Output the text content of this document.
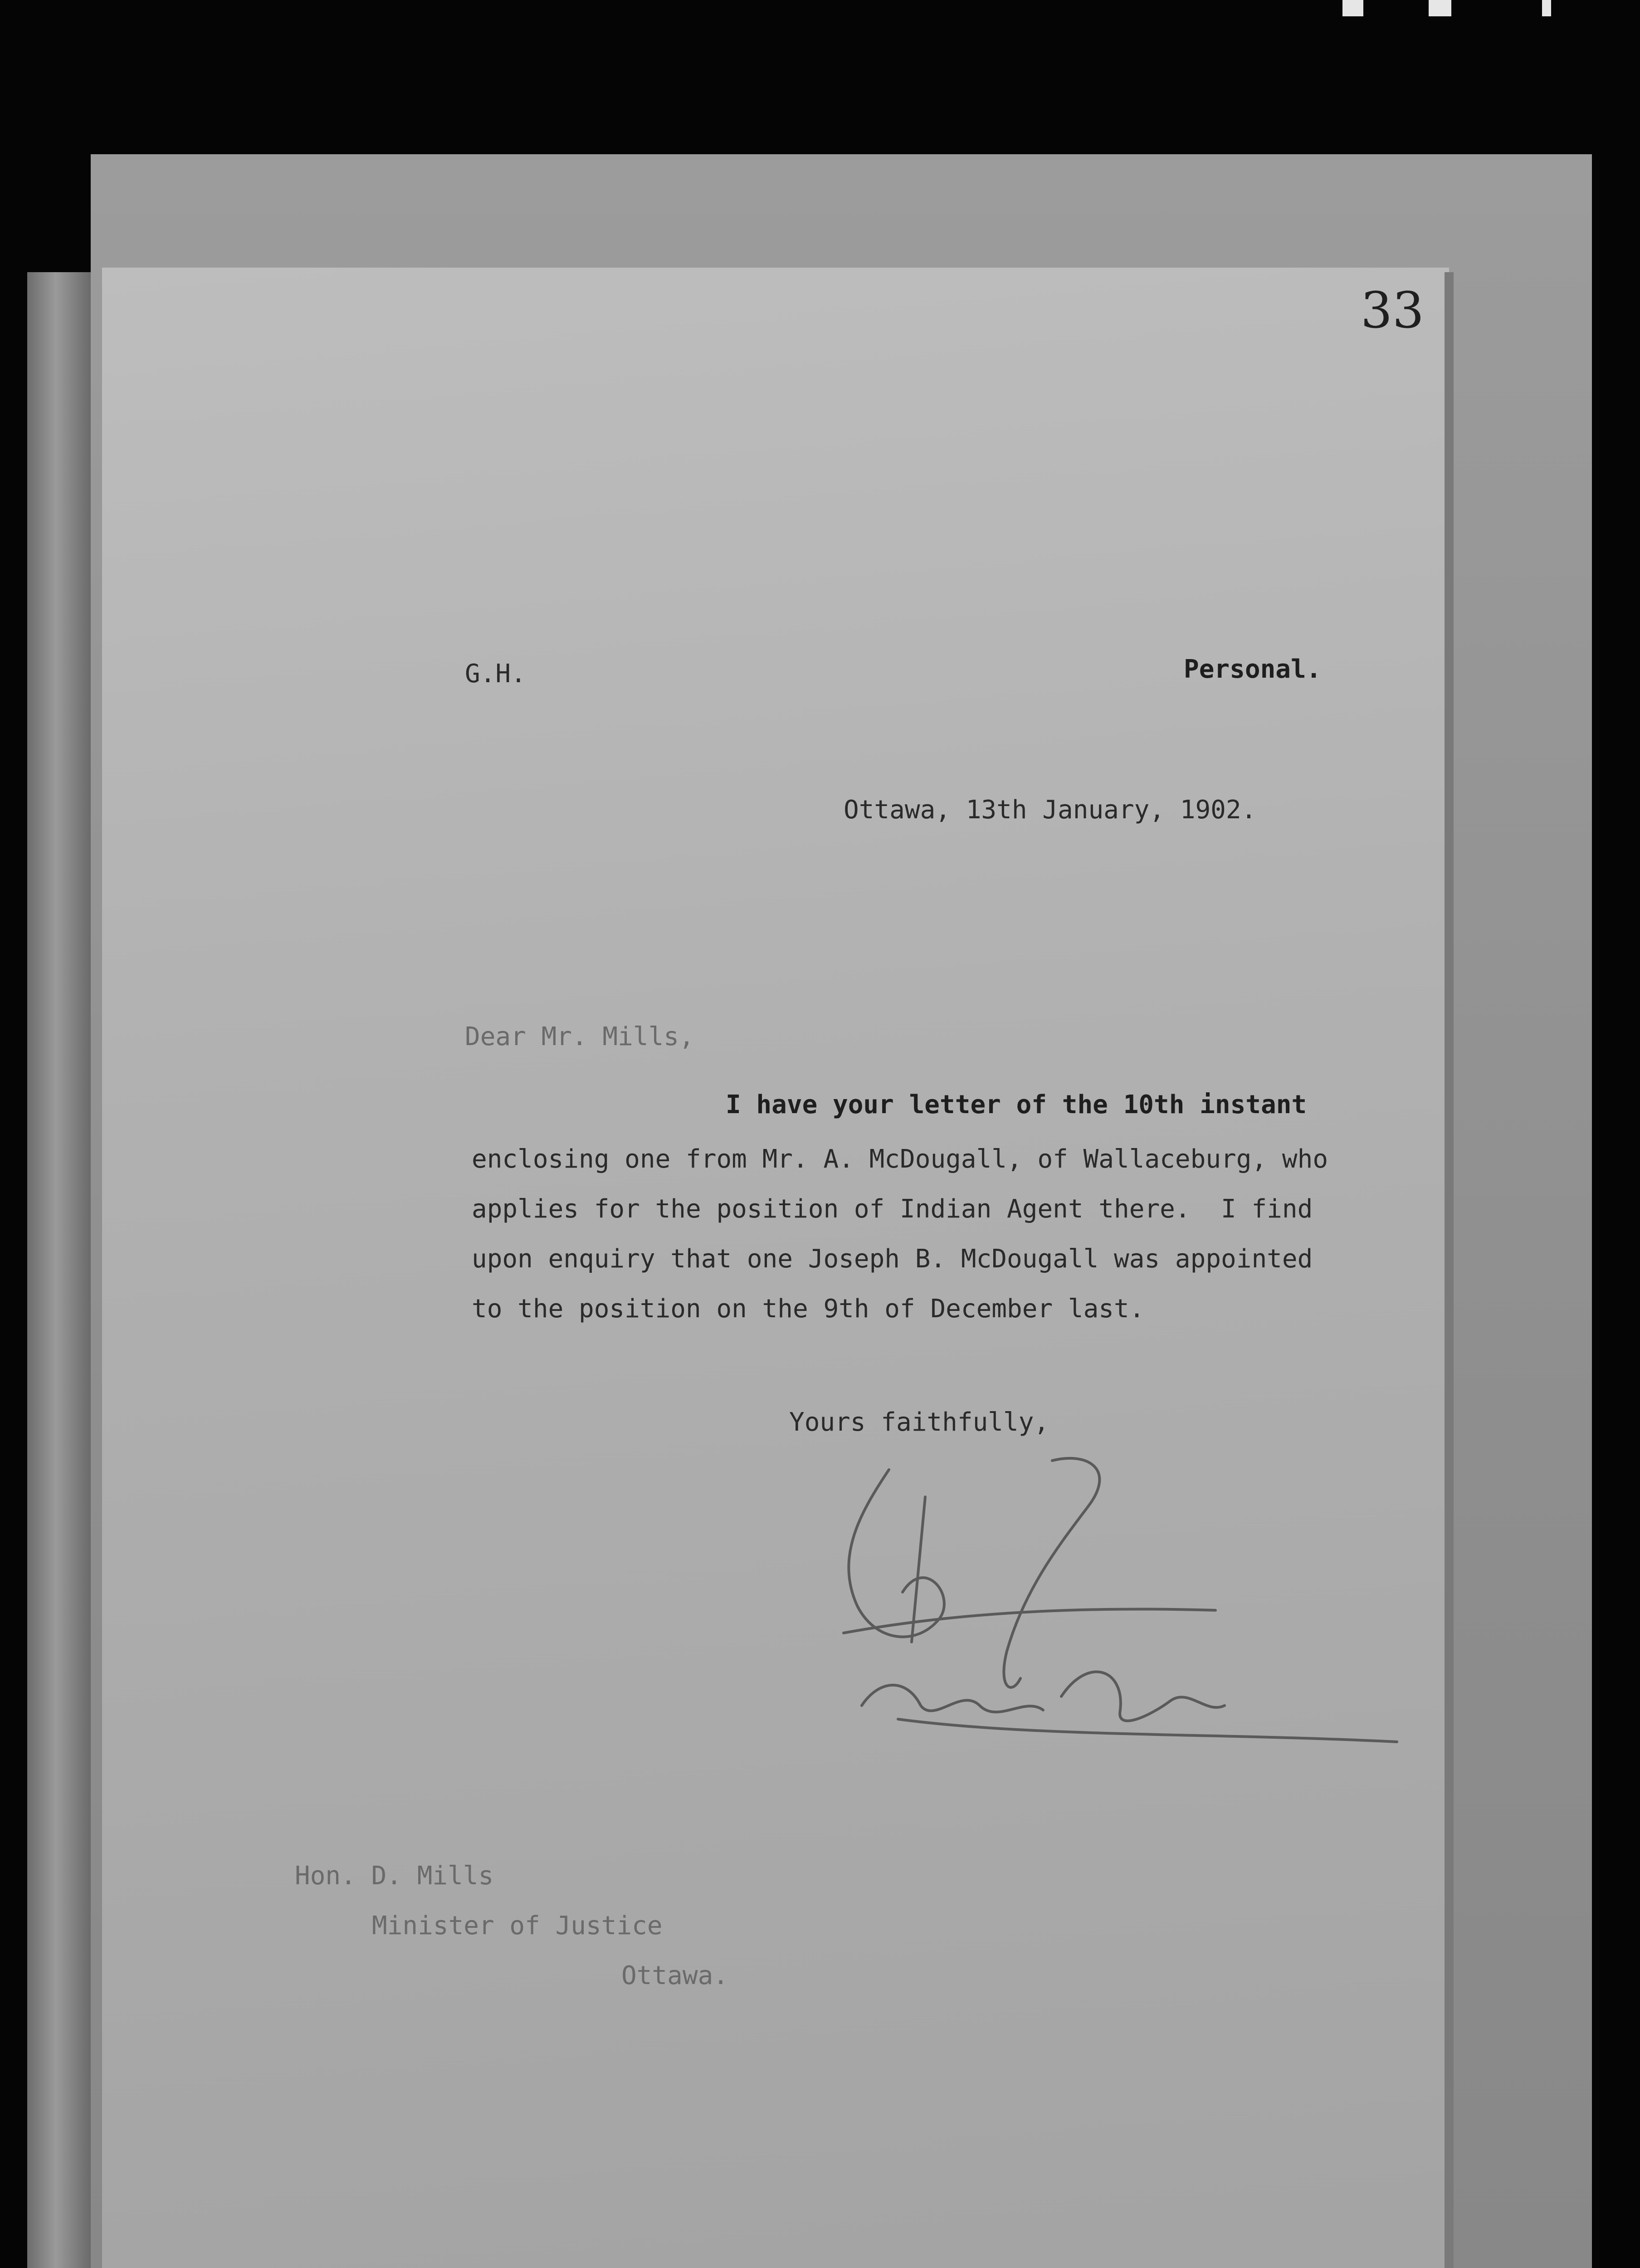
33
G.H.	Personal.
Ottawa, 13th January, 1902.
Dear Mr. Mills,
I have your letter of the 10th instant
enclosing one from Mr. A. McDougall, of Wallaceburg, who
applies for the position of Indian Agent there.  I find
upon enquiry that one Joseph B. McDougall was appointed
to the position on the 9th of December last.
Yours faithfully,
Hon. D. Mills
Minister of Justice
Ottawa.
